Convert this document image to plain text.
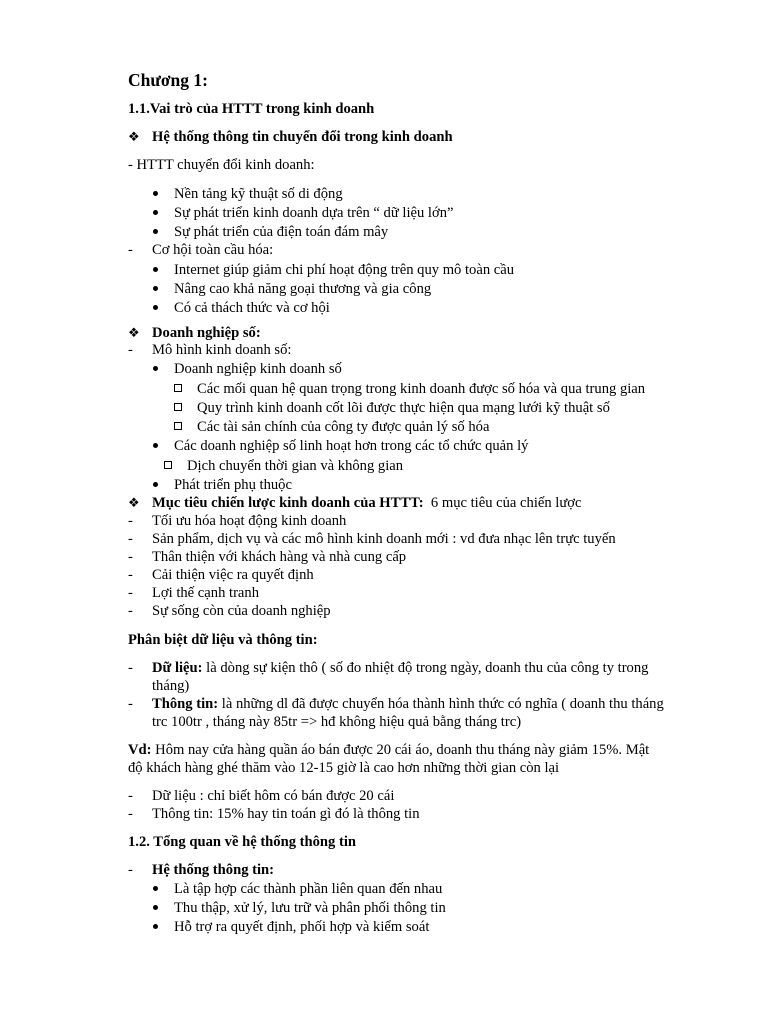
Chương 1:
1.1.Vai trò của HTTT trong kinh doanh
❖ Hệ thống thông tin chuyển đổi trong kinh doanh
- HTTT chuyển đổi kinh doanh:
Nền tảng kỹ thuật số di động
Sự phát triển kinh doanh dựa trên “ dữ liệu lớn”
Sự phát triển của điện toán đám mây
- Cơ hội toàn cầu hóa:
Internet giúp giảm chi phí hoạt động trên quy mô toàn cầu
Nâng cao khả năng goại thương và gia công
Có cả thách thức và cơ hội
❖ Doanh nghiệp số:
- Mô hình kinh doanh số:
Doanh nghiệp kinh doanh số
Các mối quan hệ quan trọng trong kinh doanh được số hóa và qua trung gian
Quy trình kinh doanh cốt lõi được thực hiện qua mạng lưới kỹ thuật số
Các tài sản chính của công ty được quản lý số hóa
Các doanh nghiệp số linh hoạt hơn trong các tổ chức quản lý
Dịch chuyển thời gian và không gian
Phát triển phụ thuộc
❖ Mục tiêu chiến lược kinh doanh của HTTT: 6 mục tiêu của chiến lược
- Tối ưu hóa hoạt động kinh doanh
- Sản phẩm, dịch vụ và các mô hình kinh doanh mới : vd đưa nhạc lên trực tuyến
- Thân thiện với khách hàng và nhà cung cấp
- Cải thiện việc ra quyết định
- Lợi thế cạnh tranh
- Sự sống còn của doanh nghiệp
Phân biệt dữ liệu và thông tin:
- Dữ liệu: là dòng sự kiện thô ( số đo nhiệt độ trong ngày, doanh thu của công ty trong
tháng)
- Thông tin: là những dl đã được chuyển hóa thành hình thức có nghĩa ( doanh thu tháng
trc 100tr , tháng này 85tr => hđ không hiệu quả bằng tháng trc)
Vd: Hôm nay cửa hàng quần áo bán được 20 cái áo, doanh thu tháng này giảm 15%. Mật
độ khách hàng ghé thăm vào 12-15 giờ là cao hơn những thời gian còn lại
- Dữ liệu : chỉ biết hôm có bán được 20 cái
- Thông tin: 15% hay tin toán gì đó là thông tin
1.2. Tổng quan về hệ thống thông tin
- Hệ thống thông tin:
Là tập hợp các thành phần liên quan đến nhau
Thu thập, xử lý, lưu trữ và phân phối thông tin
Hỗ trợ ra quyết định, phối hợp và kiểm soát
